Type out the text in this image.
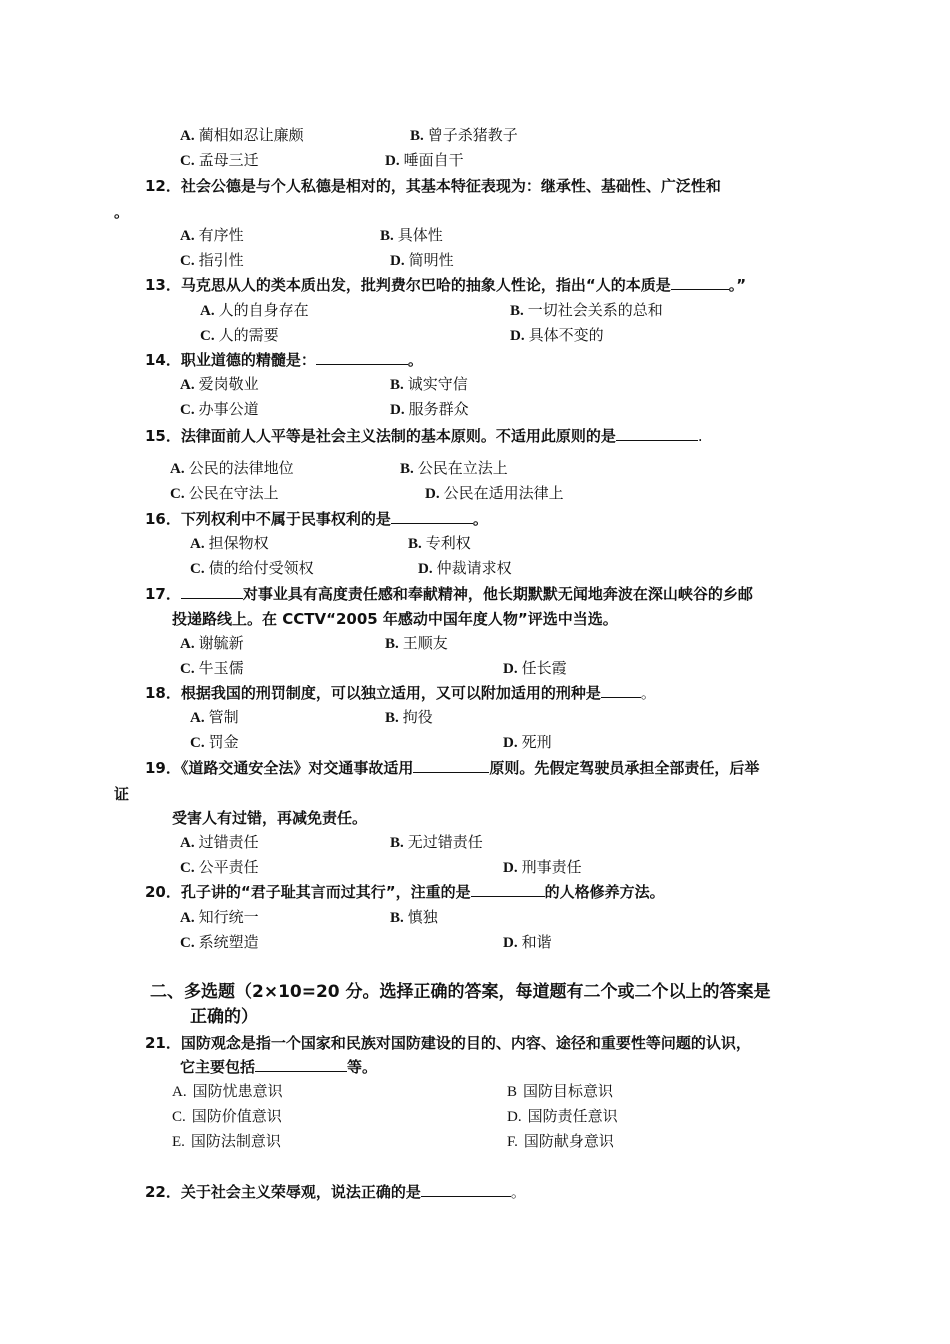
A. 蔺相如忍让廉颇	B. 曾子杀猪教子
C. 孟母三迁	D. 唾面自干
12．社会公德是与个人私德是相对的，其基本特征表现为：继承性、基础性、广泛性和
。
A. 有序性	B. 具体性
C. 指引性	D. 简明性
13．马克思从人的类本质出发，批判费尔巴哈的抽象人性论，指出“人的本质是	。”
A. 人的自身存在	B. 一切社会关系的总和
C. 人的需要	D. 具体不变的
14．职业道德的精髓是：	。
A. 爱岗敬业	B. 诚实守信
C. 办事公道	D. 服务群众
15．法律面前人人平等是社会主义法制的基本原则。不适用此原则的是	.
A. 公民的法律地位	B. 公民在立法上
C. 公民在守法上	D. 公民在适用法律上
16．下列权利中不属于民事权利的是	。
A. 担保物权	B. 专利权
C. 债的给付受领权	D. 仲裁请求权
17．	对事业具有高度责任感和奉献精神，他长期默默无闻地奔波在深山峡谷的乡邮
投递路线上。在 CCTV“2005 年感动中国年度人物”评选中当选。
A. 谢毓新	B. 王顺友
C. 牛玉儒	D. 任长霞
18．根据我国的刑罚制度，可以独立适用，又可以附加适用的刑种是	。
A. 管制	B. 拘役
C. 罚金	D. 死刑
19．《道路交通安全法》对交通事故适用	原则。先假定驾驶员承担全部责任，后举
证
受害人有过错，再减免责任。
A. 过错责任	B. 无过错责任
C. 公平责任	D. 刑事责任
20．孔子讲的“君子耻其言而过其行”，注重的是	的人格修养方法。
A. 知行统一	B. 慎独
C. 系统塑造	D. 和谐
二、多选题（2×10=20 分。选择正确的答案，每道题有二个或二个以上的答案是
正确的）
21．国防观念是指一个国家和民族对国防建设的目的、内容、途径和重要性等问题的认识，
它主要包括	等。
A. 国防忧患意识	B 国防目标意识
C. 国防价值意识	D. 国防责任意识
E. 国防法制意识	F. 国防献身意识
22．关于社会主义荣辱观，说法正确的是	。
